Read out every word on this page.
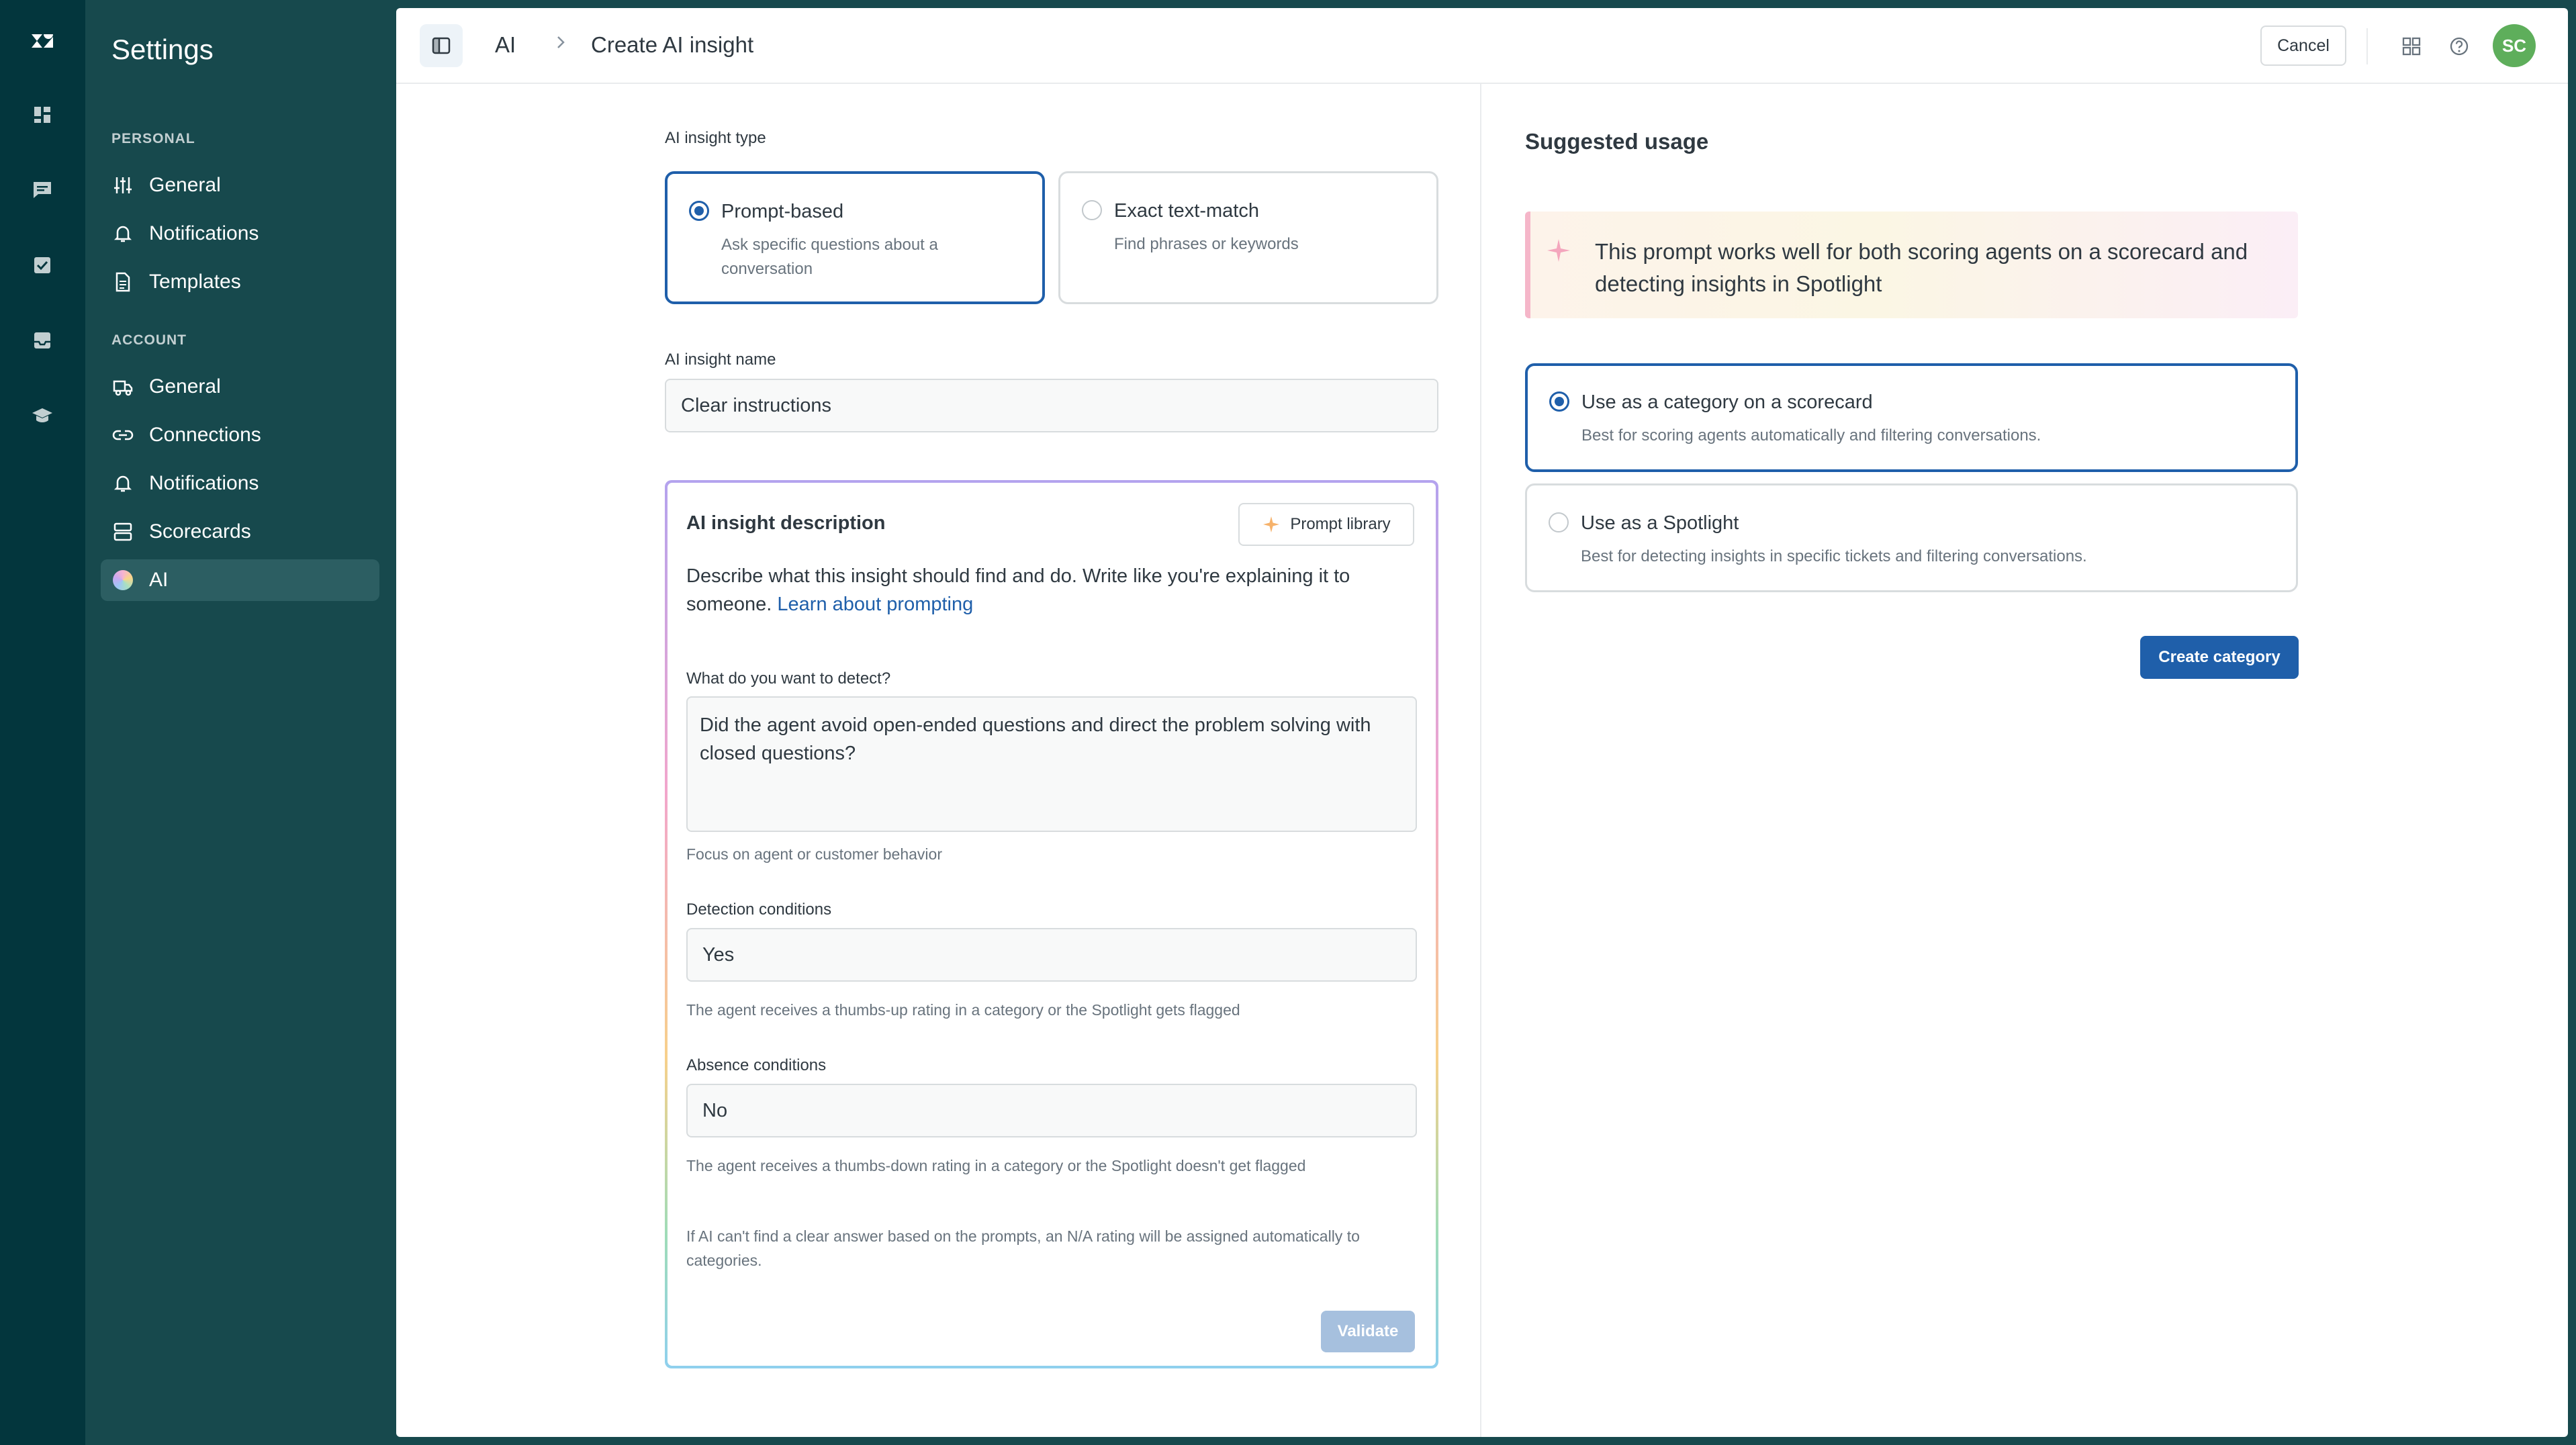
Settings
PERSONAL
General
Notifications
Templates
ACCOUNT
General
Connections
Notifications
Scorecards
AI
AI	Create AI insight	Cancel	SC
AI insight type
Prompt-based
Ask specific questions about a conversation
Exact text-match
Find phrases or keywords
AI insight name
Clear instructions
AI insight description	Prompt library
Describe what this insight should find and do. Write like you're explaining it to someone. Learn about prompting
What do you want to detect?
Did the agent avoid open-ended questions and direct the problem solving with closed questions?
Focus on agent or customer behavior
Detection conditions
Yes
The agent receives a thumbs-up rating in a category or the Spotlight gets flagged
Absence conditions
No
The agent receives a thumbs-down rating in a category or the Spotlight doesn't get flagged
If AI can't find a clear answer based on the prompts, an N/A rating will be assigned automatically to categories.
Validate
Suggested usage
This prompt works well for both scoring agents on a scorecard and detecting insights in Spotlight
Use as a category on a scorecard
Best for scoring agents automatically and filtering conversations.
Use as a Spotlight
Best for detecting insights in specific tickets and filtering conversations.
Create category
